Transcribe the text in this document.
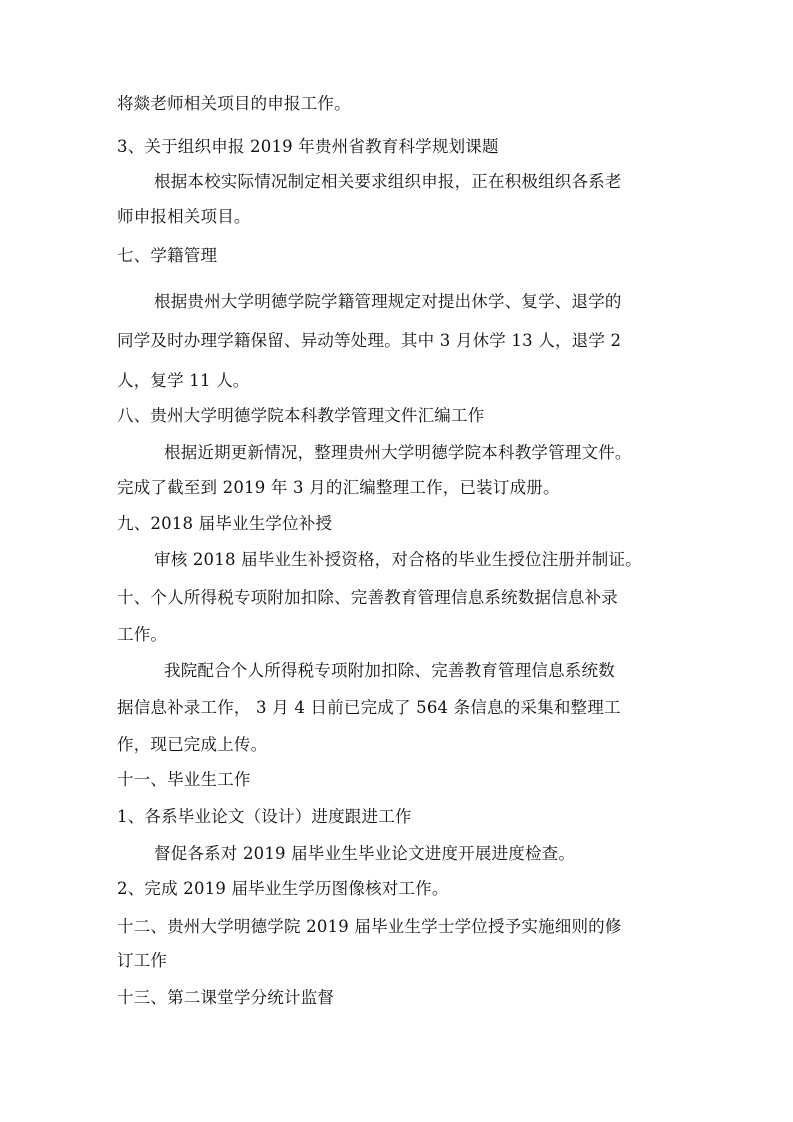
将燚老师相关项目的申报工作。
3、关于组织申报 2019 年贵州省教育科学规划课题
根据本校实际情况制定相关要求组织申报，正在积极组织各系老
师申报相关项目。
七、学籍管理
根据贵州大学明德学院学籍管理规定对提出休学、复学、退学的
同学及时办理学籍保留、异动等处理。其中 3 月休学 13 人，退学 2
人，复学 11 人。
八、贵州大学明德学院本科教学管理文件汇编工作
根据近期更新情况，整理贵州大学明德学院本科教学管理文件。
完成了截至到 2019 年 3 月的汇编整理工作，已装订成册。
九、2018 届毕业生学位补授
审核 2018 届毕业生补授资格，对合格的毕业生授位注册并制证。
十、个人所得税专项附加扣除、完善教育管理信息系统数据信息补录
工作。
我院配合个人所得税专项附加扣除、完善教育管理信息系统数
据信息补录工作， 3 月 4 日前已完成了 564 条信息的采集和整理工
作，现已完成上传。
十一、毕业生工作
1、各系毕业论文（设计）进度跟进工作
督促各系对 2019 届毕业生毕业论文进度开展进度检查。
2、完成 2019 届毕业生学历图像核对工作。
十二、贵州大学明德学院 2019 届毕业生学士学位授予实施细则的修
订工作
十三、第二课堂学分统计监督
